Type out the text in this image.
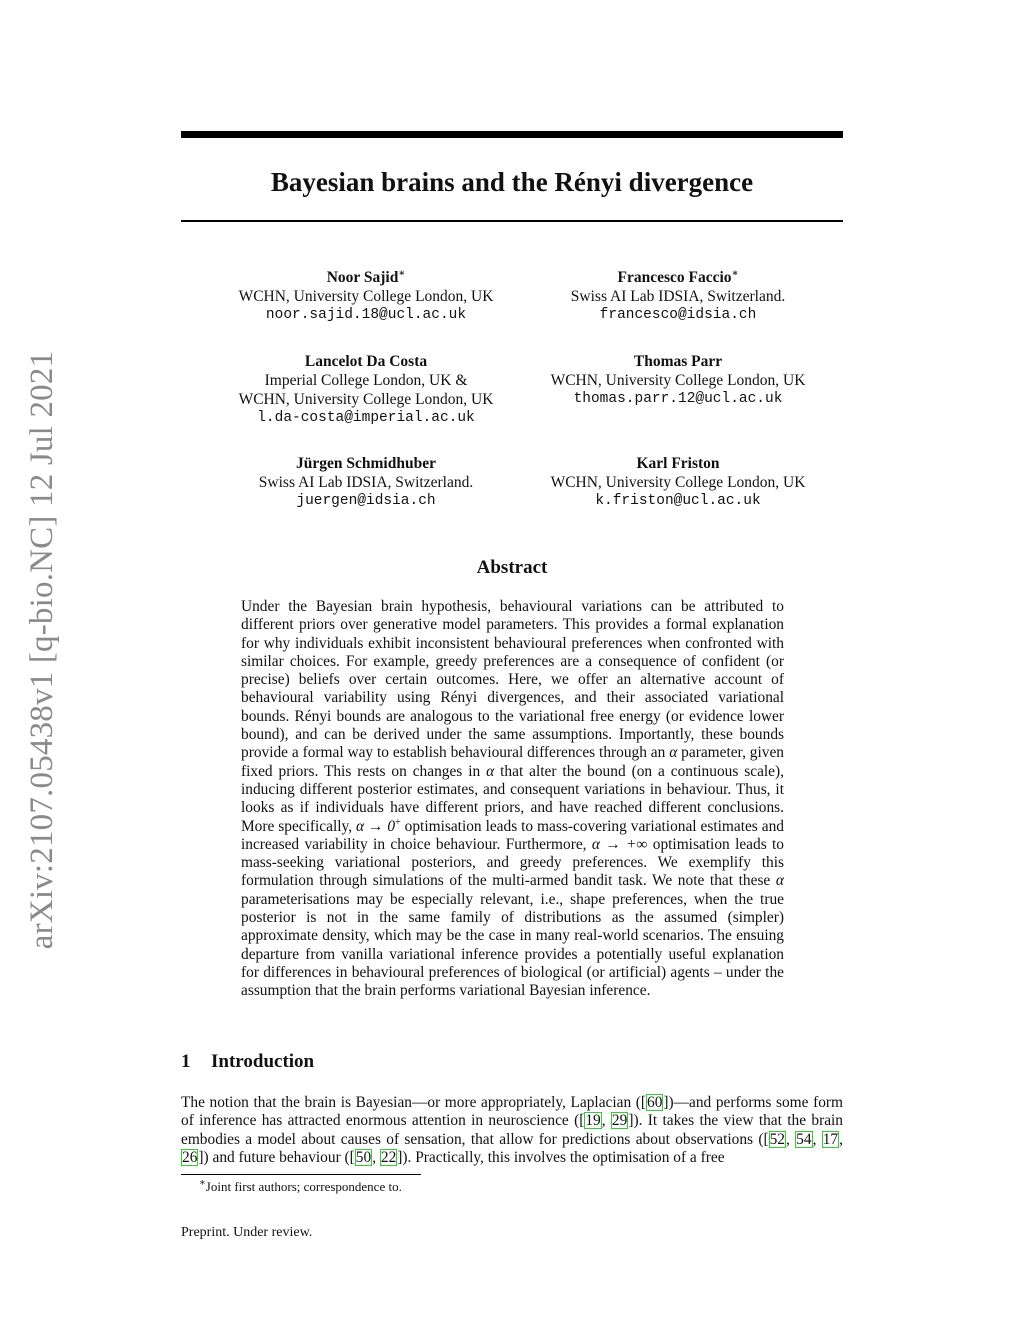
arXiv:2107.05438v1 [q-bio.NC] 12 Jul 2021
Bayesian brains and the Rényi divergence
Noor Sajid∗
WCHN, University College London, UK
noor.sajid.18@ucl.ac.uk
Francesco Faccio∗
Swiss AI Lab IDSIA, Switzerland.
francesco@idsia.ch
Lancelot Da Costa
Imperial College London, UK &
WCHN, University College London, UK
l.da-costa@imperial.ac.uk
Thomas Parr
WCHN, University College London, UK
thomas.parr.12@ucl.ac.uk
Jürgen Schmidhuber
Swiss AI Lab IDSIA, Switzerland.
juergen@idsia.ch
Karl Friston
WCHN, University College London, UK
k.friston@ucl.ac.uk
Abstract

Under the Bayesian brain hypothesis, behavioural variations can be attributed to different priors over generative model parameters. This provides a formal explanation for why individuals exhibit inconsistent behavioural preferences when confronted with similar choices. For example, greedy preferences are a consequence of confident (or precise) beliefs over certain outcomes. Here, we offer an alternative account of behavioural variability using Rényi divergences, and their associated variational bounds. Rényi bounds are analogous to the variational free energy (or evidence lower bound), and can be derived under the same assumptions. Importantly, these bounds provide a formal way to establish behavioural differences through an α parameter, given fixed priors. This rests on changes in α that alter the bound (on a continuous scale), inducing different posterior estimates, and consequent variations in behaviour. Thus, it looks as if individuals have different priors, and have reached different conclusions. More specifically, α → 0+ optimisation leads to mass-covering variational estimates and increased variability in choice behaviour. Furthermore, α → +∞ optimisation leads to mass-seeking variational posteriors, and greedy preferences. We exemplify this formulation through simulations of the multi-armed bandit task. We note that these α parameterisations may be especially relevant, i.e., shape preferences, when the true posterior is not in the same family of distributions as the assumed (simpler) approximate density, which may be the case in many real-world scenarios. The ensuing departure from vanilla variational inference provides a potentially useful explanation for differences in behavioural preferences of biological (or artificial) agents – under the assumption that the brain performs variational Bayesian inference.

1 Introduction

The notion that the brain is Bayesian—or more appropriately, Laplacian ([60])—and performs some form of inference has attracted enormous attention in neuroscience ([19, 29]). It takes the view that the brain embodies a model about causes of sensation, that allow for predictions about observations ([52, 54, 17, 26]) and future behaviour ([50, 22]). Practically, this involves the optimisation of a free

∗Joint first authors; correspondence to.
Preprint. Under review.
